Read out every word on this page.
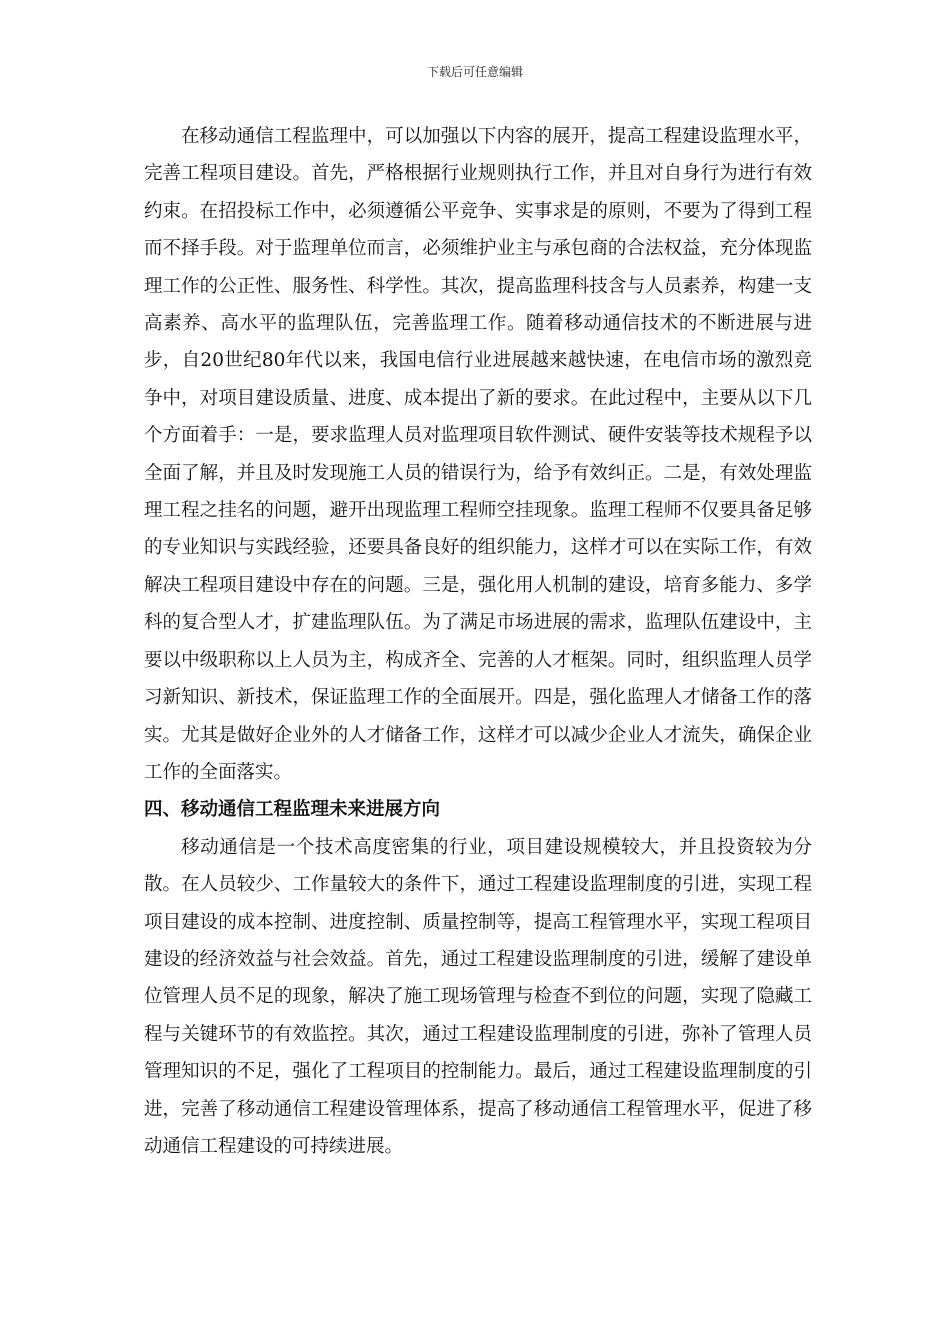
下载后可任意编辑

在移动通信工程监理中，可以加强以下内容的展开，提高工程建设监理水平，完善工程项目建设。首先，严格根据行业规则执行工作，并且对自身行为进行有效约束。在招投标工作中，必须遵循公平竞争、实事求是的原则，不要为了得到工程而不择手段。对于监理单位而言，必须维护业主与承包商的合法权益，充分体现监理工作的公正性、服务性、科学性。其次，提高监理科技含与人员素养，构建一支高素养、高水平的监理队伍，完善监理工作。随着移动通信技术的不断进展与进步，自20世纪80年代以来，我国电信行业进展越来越快速，在电信市场的激烈竞争中，对项目建设质量、进度、成本提出了新的要求。在此过程中，主要从以下几个方面着手：一是，要求监理人员对监理项目软件测试、硬件安装等技术规程予以全面了解，并且及时发现施工人员的错误行为，给予有效纠正。二是，有效处理监理工程之挂名的问题，避开出现监理工程师空挂现象。监理工程师不仅要具备足够的专业知识与实践经验，还要具备良好的组织能力，这样才可以在实际工作，有效解决工程项目建设中存在的问题。三是，强化用人机制的建设，培育多能力、多学科的复合型人才，扩建监理队伍。为了满足市场进展的需求，监理队伍建设中，主要以中级职称以上人员为主，构成齐全、完善的人才框架。同时，组织监理人员学习新知识、新技术，保证监理工作的全面展开。四是，强化监理人才储备工作的落实。尤其是做好企业外的人才储备工作，这样才可以减少企业人才流失，确保企业工作的全面落实。

四、移动通信工程监理未来进展方向

移动通信是一个技术高度密集的行业，项目建设规模较大，并且投资较为分散。在人员较少、工作量较大的条件下，通过工程建设监理制度的引进，实现工程项目建设的成本控制、进度控制、质量控制等，提高工程管理水平，实现工程项目建设的经济效益与社会效益。首先，通过工程建设监理制度的引进，缓解了建设单位管理人员不足的现象，解决了施工现场管理与检查不到位的问题，实现了隐藏工程与关键环节的有效监控。其次，通过工程建设监理制度的引进，弥补了管理人员管理知识的不足，强化了工程项目的控制能力。最后，通过工程建设监理制度的引进，完善了移动通信工程建设管理体系，提高了移动通信工程管理水平，促进了移动通信工程建设的可持续进展。
